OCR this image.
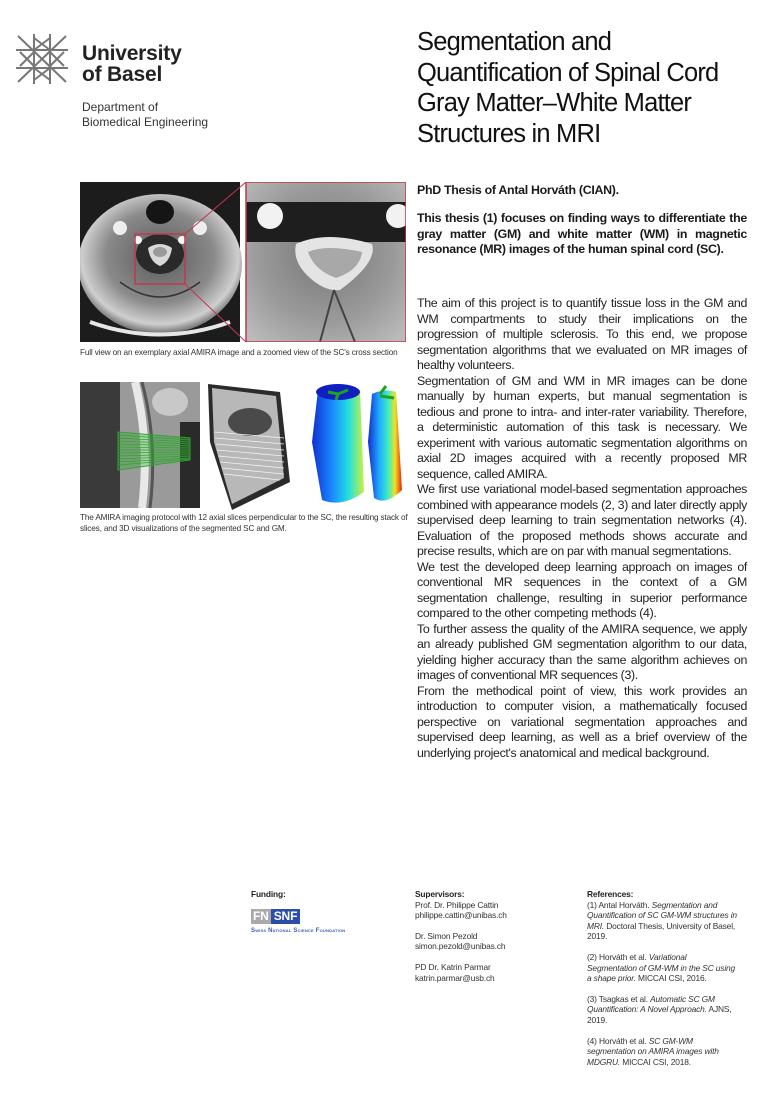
University
of Basel
Department of
Biomedical Engineering
Segmentation and Quantification of Spinal Cord Gray Matter–White Matter Structures in MRI
Full view on an exemplary axial AMIRA image and a zoomed view of the SC's cross section
The AMIRA imaging protocol with 12 axial slices perpendicular to the SC, the resulting stack of slices, and 3D visualizations of the segmented SC and GM.
PhD Thesis of Antal Horváth (CIAN).
This thesis (1) focuses on finding ways to differentiate the gray matter (GM) and white matter (WM) in magnetic resonance (MR) images of the human spinal cord (SC).

The aim of this project is to quantify tissue loss in the GM and WM compartments to study their implications on the progression of multiple sclerosis. To this end, we propose segmentation algorithms that we evaluated on MR images of healthy volunteers.

Segmentation of GM and WM in MR images can be done manually by human experts, but manual segmentation is tedious and prone to intra- and inter-rater variability. Therefore, a deterministic automation of this task is necessary. We experiment with various automatic segmentation algorithms on axial 2D images acquired with a recently proposed MR sequence, called AMIRA.

We first use variational model-based segmentation approaches combined with appearance models (2, 3) and later directly apply supervised deep learning to train segmentation networks (4). Evaluation of the proposed methods shows accurate and precise results, which are on par with manual segmentations.

We test the developed deep learning approach on images of conventional MR sequences in the context of a GM segmentation challenge, resulting in superior performance compared to the other competing methods (4).

To further assess the quality of the AMIRA sequence, we apply an already published GM segmentation algorithm to our data, yielding higher accuracy than the same algorithm achieves on images of conventional MR sequences (3).

From the methodical point of view, this work provides an introduction to computer vision, a mathematically focused perspective on variational segmentation approaches and supervised deep learning, as well as a brief overview of the underlying project's anatomical and medical background.

Funding:
FN SNF
Swiss National Science Foundation
Supervisors:
Prof. Dr. Philippe Cattin
philippe.cattin@unibas.ch
Dr. Simon Pezold
simon.pezold@unibas.ch
PD Dr. Katrin Parmar
katrin.parmar@usb.ch
References:
(1) Antal Horváth. Segmentation and Quantification of SC GM-WM structures in MRI. Doctoral Thesis, University of Basel, 2019.
(2) Horváth et al. Variational Segmentation of GM-WM in the SC using a shape prior. MICCAI CSI, 2016.
(3) Tsagkas et al. Automatic SC GM Quantification: A Novel Approach. AJNS, 2019.
(4) Horváth et al. SC GM-WM segmentation on AMIRA images with MDGRU. MICCAI CSI, 2018.
